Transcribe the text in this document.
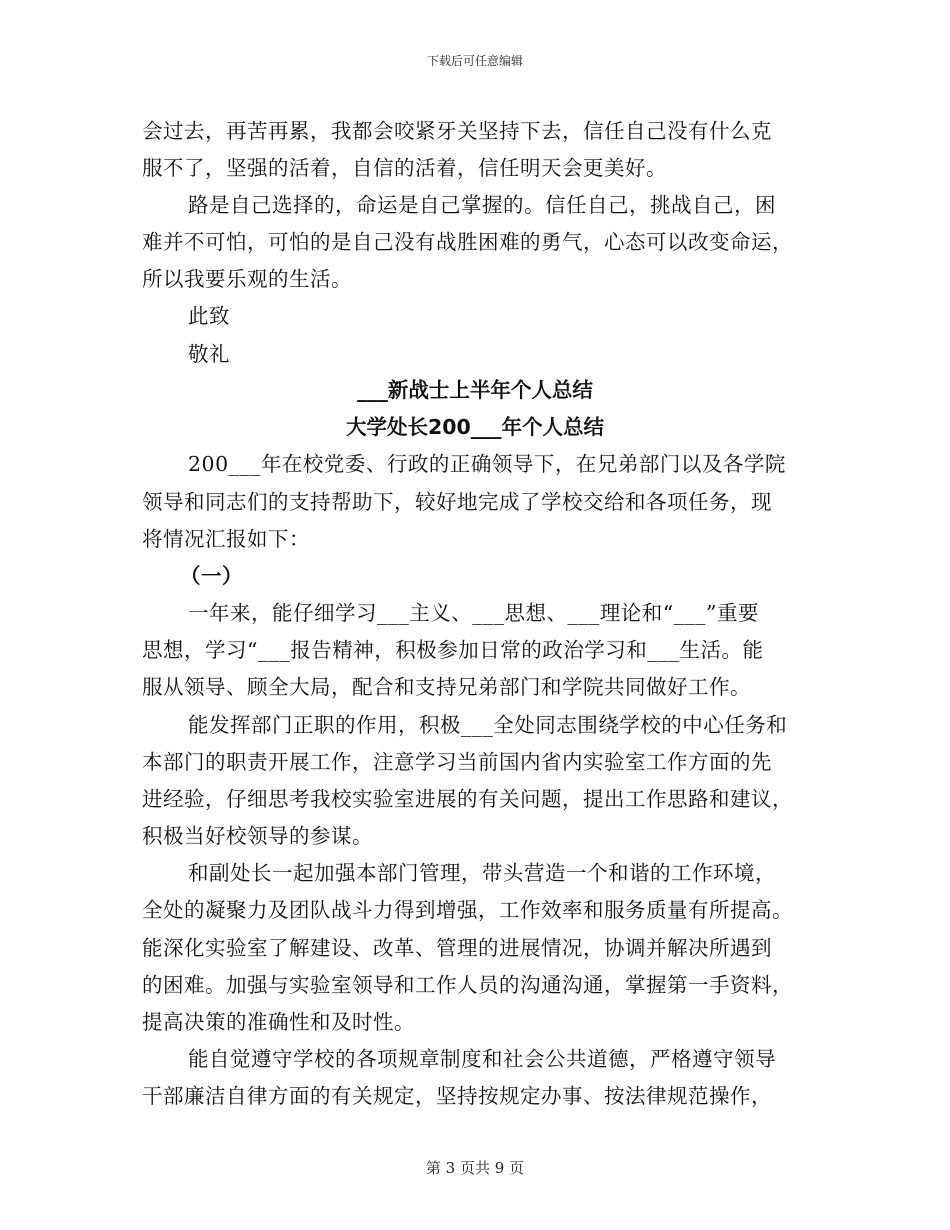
下载后可任意编辑
会过去，再苦再累，我都会咬紧牙关坚持下去，信任自己没有什么克
服不了，坚强的活着，自信的活着，信任明天会更美好。
路是自己选择的，命运是自己掌握的。信任自己，挑战自己，困
难并不可怕，可怕的是自己没有战胜困难的勇气，心态可以改变命运，
所以我要乐观的生活。
此致
敬礼
___新战士上半年个人总结
大学处长200___年个人总结
200___年在校党委、行政的正确领导下，在兄弟部门以及各学院
领导和同志们的支持帮助下，较好地完成了学校交给和各项任务，现
将情况汇报如下：
（一）
一年来，能仔细学习___主义、___思想、___理论和“___”重要
思想，学习“___报告精神，积极参加日常的政治学习和___生活。能
服从领导、顾全大局，配合和支持兄弟部门和学院共同做好工作。
能发挥部门正职的作用，积极___全处同志围绕学校的中心任务和
本部门的职责开展工作，注意学习当前国内省内实验室工作方面的先
进经验，仔细思考我校实验室进展的有关问题，提出工作思路和建议，
积极当好校领导的参谋。
和副处长一起加强本部门管理，带头营造一个和谐的工作环境，
全处的凝聚力及团队战斗力得到增强，工作效率和服务质量有所提高。
能深化实验室了解建设、改革、管理的进展情况，协调并解决所遇到
的困难。加强与实验室领导和工作人员的沟通沟通，掌握第一手资料，
提高决策的准确性和及时性。
能自觉遵守学校的各项规章制度和社会公共道德，严格遵守领导
干部廉洁自律方面的有关规定，坚持按规定办事、按法律规范操作，
第 3 页共 9 页
